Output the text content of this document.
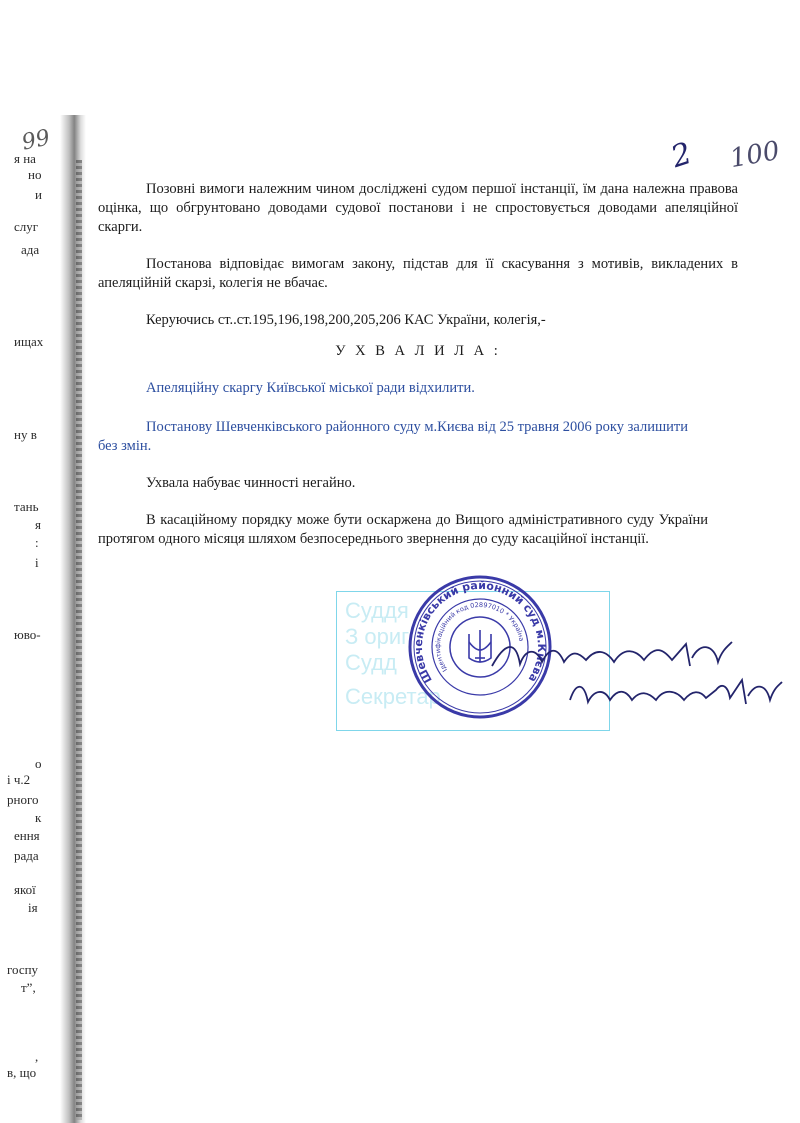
я на
но
и
слуг
ада
ищах
ну в
тань
я
:
і
юво-
о
і ч.2
рного
к
ення
рада
якої
ія
госпу
т”,
,
в, що
99	2 100
Позовні вимоги належним чином досліджені судом першої інстанції, їм дана належна правова оцінка, що обгрунтовано доводами судової постанови і не спростовується доводами апеляційної скарги.
Постанова відповідає вимогам закону, підстав для її скасування з мотивів, викладених в апеляційній скарзі, колегія не вбачає.
Керуючись ст..ст.195,196,198,200,205,206 КАС України, колегія,-
У Х В А Л И Л А :
Апеляційну скаргу Київської міської ради відхилити.
Постанову Шевченківського районного суду м.Києва від 25 травня 2006 року залишити без змін.
Ухвала набуває чинності негайно.
В касаційному порядку може бути оскаржена до Вищого адміністративного суду України протягом одного місяця шляхом безпосереднього звернення до суду касаційної інстанції.
Суддя
З ориг
Судд
Секретар
Шевченківський районний суд м.Києва
Ідентифікаційний код 02897010 * Україна
